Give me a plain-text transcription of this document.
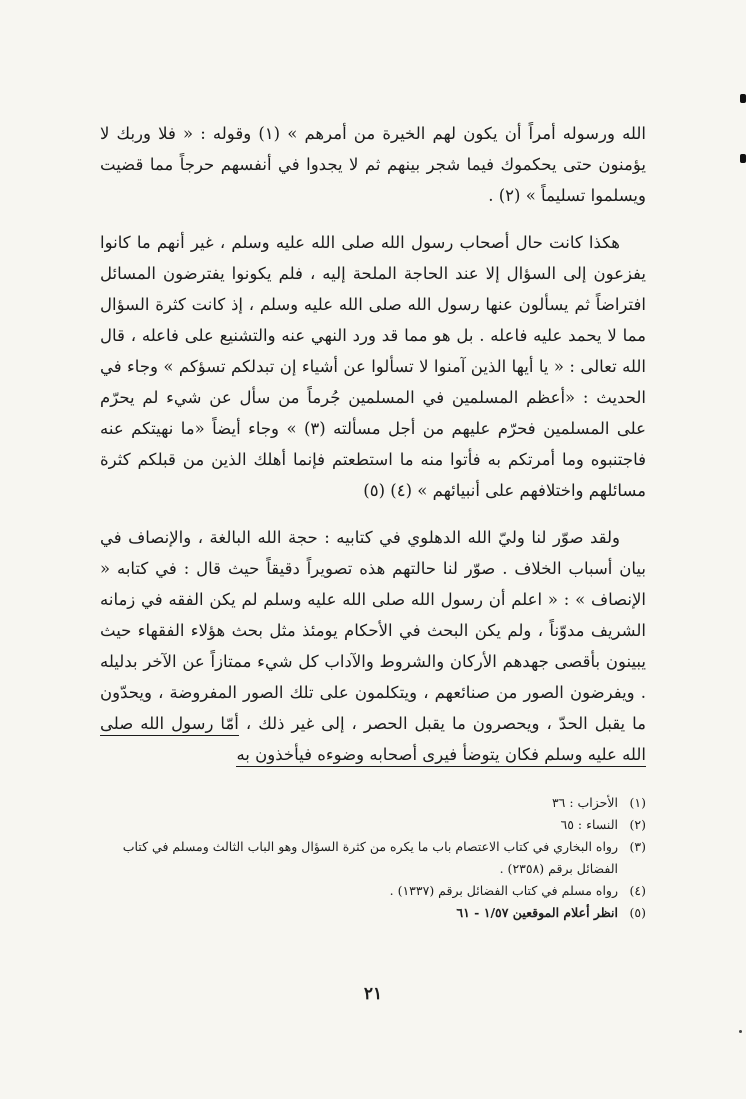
الله ورسوله أمراً أن يكون لهم الخيرة من أمرهم » (١) وقوله : « فلا وربك لا يؤمنون حتى يحكموك فيما شجر بينهم ثم لا يجدوا في أنفسهم حرجاً مما قضيت ويسلموا تسليماً » (٢) .

هكذا كانت حال أصحاب رسول الله صلى الله عليه وسلم ، غير أنهم ما كانوا يفزعون إلى السؤال إلا عند الحاجة الملحة إليه ، فلم يكونوا يفترضون المسائل افتراضاً ثم يسألون عنها رسول الله صلى الله عليه وسلم ، إذ كانت كثرة السؤال مما لا يحمد عليه فاعله . بل هو مما قد ورد النهي عنه والتشنيع على فاعله ، قال الله تعالى : « يا أيها الذين آمنوا لا تسألوا عن أشياء إن تبدلكم تسؤكم » وجاء في الحديث : «أعظم المسلمين في المسلمين جُرماً من سأل عن شيء لم يحرّم على المسلمين فحرّم عليهم من أجل مسألته (٣) » وجاء أيضاً «ما نهيتكم عنه فاجتنبوه وما أمرتكم به فأتوا منه ما استطعتم فإنما أهلك الذين من قبلكم كثرة مسائلهم واختلافهم على أنبيائهم » (٤) (٥)

ولقد صوّر لنا وليّ الله الدهلوي في كتابيه : حجة الله البالغة ، والإنصاف في بيان أسباب الخلاف . صوّر لنا حالتهم هذه تصويراً دقيقاً حيث قال : في كتابه « الإنصاف » : « اعلم أن رسول الله صلى الله عليه وسلم لم يكن الفقه في زمانه الشريف مدوّناً ، ولم يكن البحث في الأحكام يومئذ مثل بحث هؤلاء الفقهاء حيث يبينون بأقصى جهدهم الأركان والشروط والآداب كل شيء ممتازاً عن الآخر بدليله . ويفرضون الصور من صنائعهم ، ويتكلمون على تلك الصور المفروضة ، ويحدّون ما يقبل الحدّ ، ويحصرون ما يقبل الحصر ، إلى غير ذلك ، أمّا رسول الله صلى الله عليه وسلم فكان يتوضأ فيرى أصحابه وضوءه فيأخذون به

(١)
الأحزاب : ٣٦
(٢)
النساء : ٦٥
(٣)
رواه البخاري في كتاب الاعتصام باب ما يكره من كثرة السؤال وهو الباب الثالث ومسلم في كتاب الفضائل برقم (٢٣٥٨) .
(٤)
رواه مسلم في كتاب الفضائل برقم (١٣٣٧) .
(٥)
انظر أعلام الموقعين ١/٥٧ - ٦١
٢١
